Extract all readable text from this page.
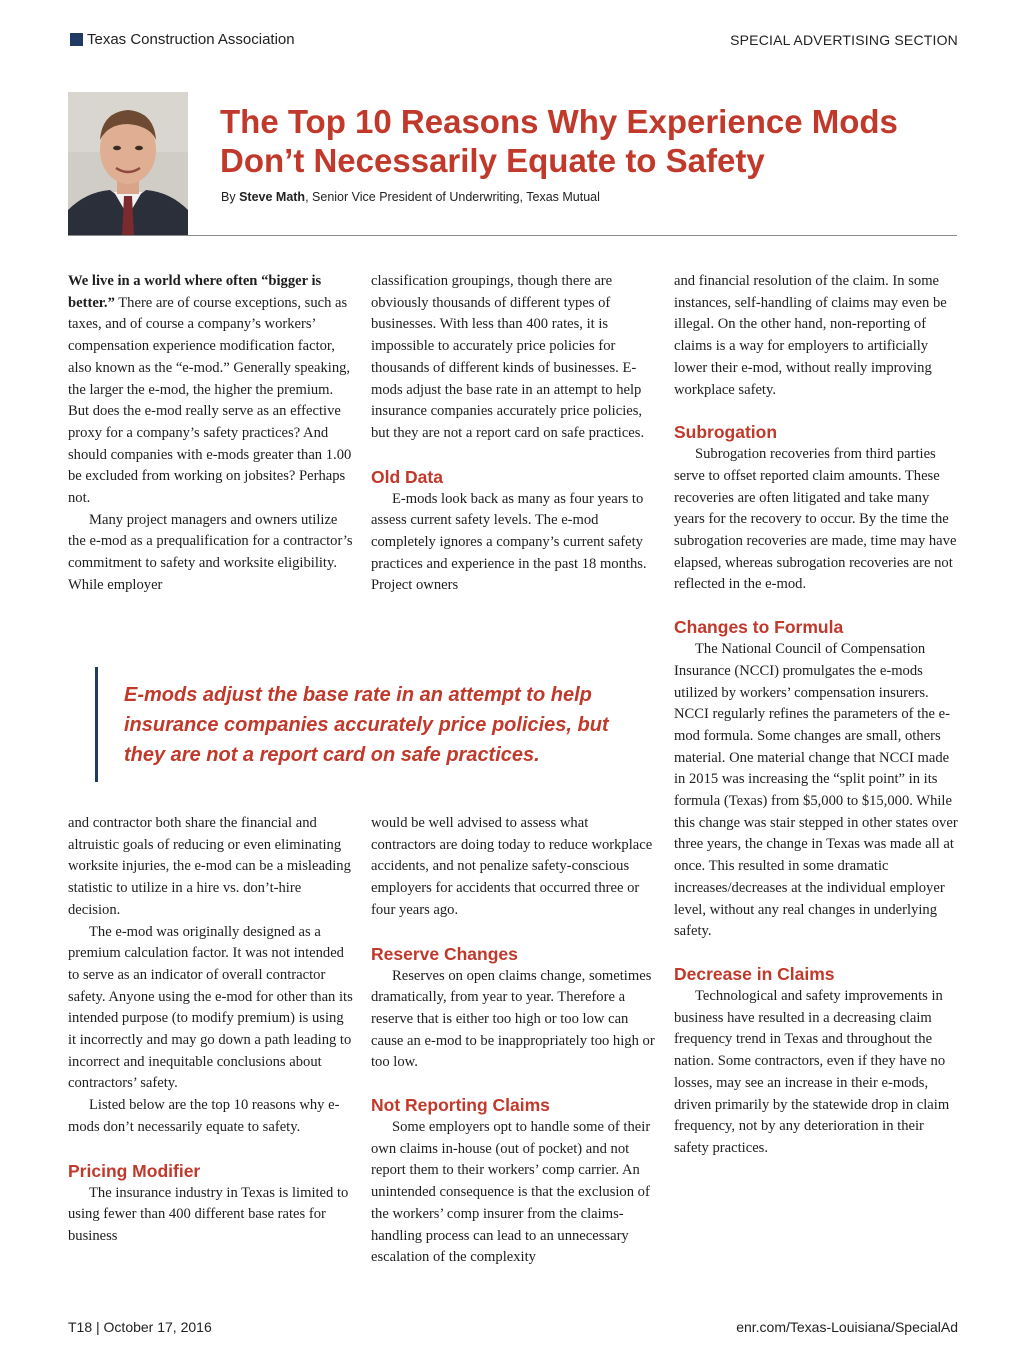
Texas Construction Association	SPECIAL ADVERTISING SECTION
The Top 10 Reasons Why Experience Mods
Don’t Necessarily Equate to Safety
By Steve Math, Senior Vice President of Underwriting, Texas Mutual

We live in a world where often “bigger is better.” There are of course exceptions, such as taxes, and of course a company’s workers’ compensation experience modification factor, also known as the “e-mod.” Generally speaking, the larger the e-mod, the higher the premium. But does the e-mod really serve as an effective proxy for a company’s safety practices? And should companies with e-mods greater than 1.00 be excluded from working on jobsites? Perhaps not.

Many project managers and owners utilize the e-mod as a prequalification for a contractor’s commitment to safety and worksite eligibility. While employer

classification groupings, though there are obviously thousands of different types of businesses. With less than 400 rates, it is impossible to accurately price policies for thousands of different kinds of businesses. E-mods adjust the base rate in an attempt to help insurance companies accurately price policies, but they are not a report card on safe practices.

Old Data

E-mods look back as many as four years to assess current safety levels. The e-mod completely ignores a company’s current safety practices and experience in the past 18 months. Project owners

and financial resolution of the claim. In some instances, self-handling of claims may even be illegal. On the other hand, non-reporting of claims is a way for employers to artificially lower their e-mod, without really improving workplace safety.

Subrogation

Subrogation recoveries from third parties serve to offset reported claim amounts. These recoveries are often litigated and take many years for the recovery to occur. By the time the subrogation recoveries are made, time may have elapsed, whereas subrogation recoveries are not reflected in the e-mod.

Changes to Formula

The National Council of Compensation Insurance (NCCI) promulgates the e-mods utilized by workers’ compensation insurers. NCCI regularly refines the parameters of the e-mod formula. Some changes are small, others material. One material change that NCCI made in 2015 was increasing the “split point” in its formula (Texas) from $5,000 to $15,000. While this change was stair stepped in other states over three years, the change in Texas was made all at once. This resulted in some dramatic increases/decreases at the individual employer level, without any real changes in underlying safety.

Decrease in Claims

Technological and safety improvements in business have resulted in a decreasing claim frequency trend in Texas and throughout the nation. Some contractors, even if they have no losses, may see an increase in their e-mods, driven primarily by the statewide drop in claim frequency, not by any deterioration in their safety practices.

E-mods adjust the base rate in an attempt to help insurance companies accurately price policies, but they are not a report card on safe practices.

and contractor both share the financial and altruistic goals of reducing or even eliminating worksite injuries, the e-mod can be a misleading statistic to utilize in a hire vs. don’t-hire decision.

The e-mod was originally designed as a premium calculation factor. It was not intended to serve as an indicator of overall contractor safety. Anyone using the e-mod for other than its intended purpose (to modify premium) is using it incorrectly and may go down a path leading to incorrect and inequitable conclusions about contractors’ safety.

Listed below are the top 10 reasons why e-mods don’t necessarily equate to safety.

Pricing Modifier

The insurance industry in Texas is limited to using fewer than 400 different base rates for business

would be well advised to assess what contractors are doing today to reduce workplace accidents, and not penalize safety-conscious employers for accidents that occurred three or four years ago.

Reserve Changes

Reserves on open claims change, sometimes dramatically, from year to year. Therefore a reserve that is either too high or too low can cause an e-mod to be inappropriately too high or too low.

Not Reporting Claims

Some employers opt to handle some of their own claims in-house (out of pocket) and not report them to their workers’ comp carrier. An unintended consequence is that the exclusion of the workers’ comp insurer from the claims-handling process can lead to an unnecessary escalation of the complexity

T18 | October 17, 2016	enr.com/Texas-Louisiana/SpecialAd
